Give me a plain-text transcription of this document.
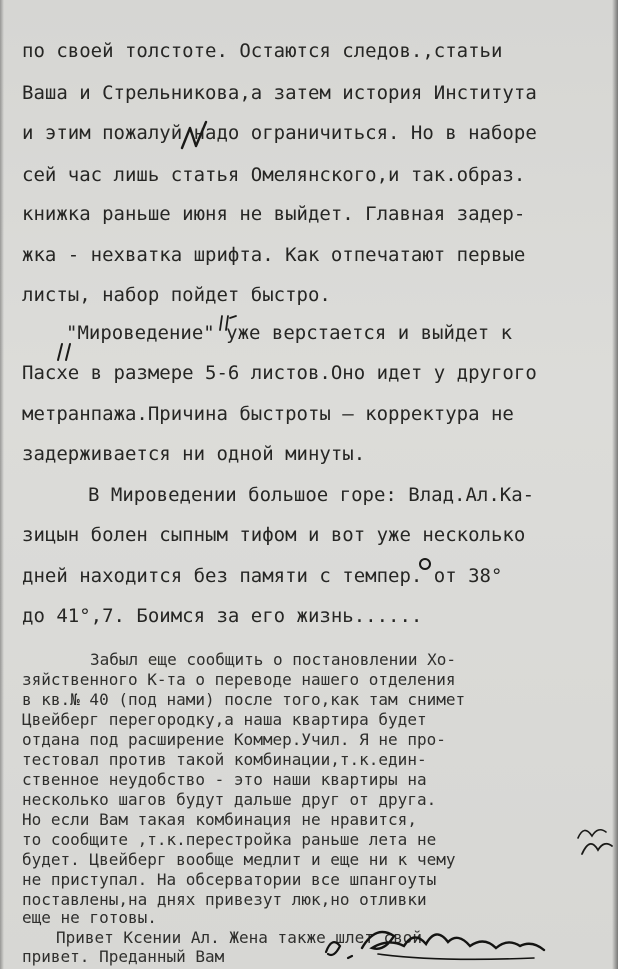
по своей толстоте. Остаются следов.,статьи

Ваша и Стрельникова,а затем история Института

и этим пожалуй надо ограничиться. Но в наборе

сей час лишь статья Омелянского,и так.образ.

книжка раньше июня не выйдет. Главная задер-

жка - нехватка шрифта. Как отпечатают первые

листы, набор пойдет быстро.

"Мироведение" уже верстается и выйдет к

Пасхе в размере 5-6 листов.Оно идет у другого

метранпажа.Причина быстроты — корректура не

задерживается ни одной минуты.

В Мироведении большое горе: Влад.Ал.Ка-

зицын болен сыпным тифом и вот уже несколько

дней находится без памяти с темпер. от 38°

до 41°,7. Боимся за его жизнь......

Забыл еще сообщить о постановлении Хо-

зяйственного К-та о переводе нашего отделения

в кв.№ 40 (под нами) после того,как там снимет

Цвейберг перегородку,а наша квартира будет

отдана под расширение Коммер.Учил. Я не про-

тестовал против такой комбинации,т.к.един-

ственное неудобство - это наши квартиры на

несколько шагов будут дальше друг от друга.

Но если Вам такая комбинация не нравится,

то сообщите ,т.к.перестройка раньше лета не

будет. Цвейберг вообще медлит и еще ни к чему

не приступал. На обсерватории все шпангоуты

поставлены,на днях привезут люк,но отливки

еще не готовы.

Привет Ксении Ал. Жена также шлет свой

привет. Преданный Вам
